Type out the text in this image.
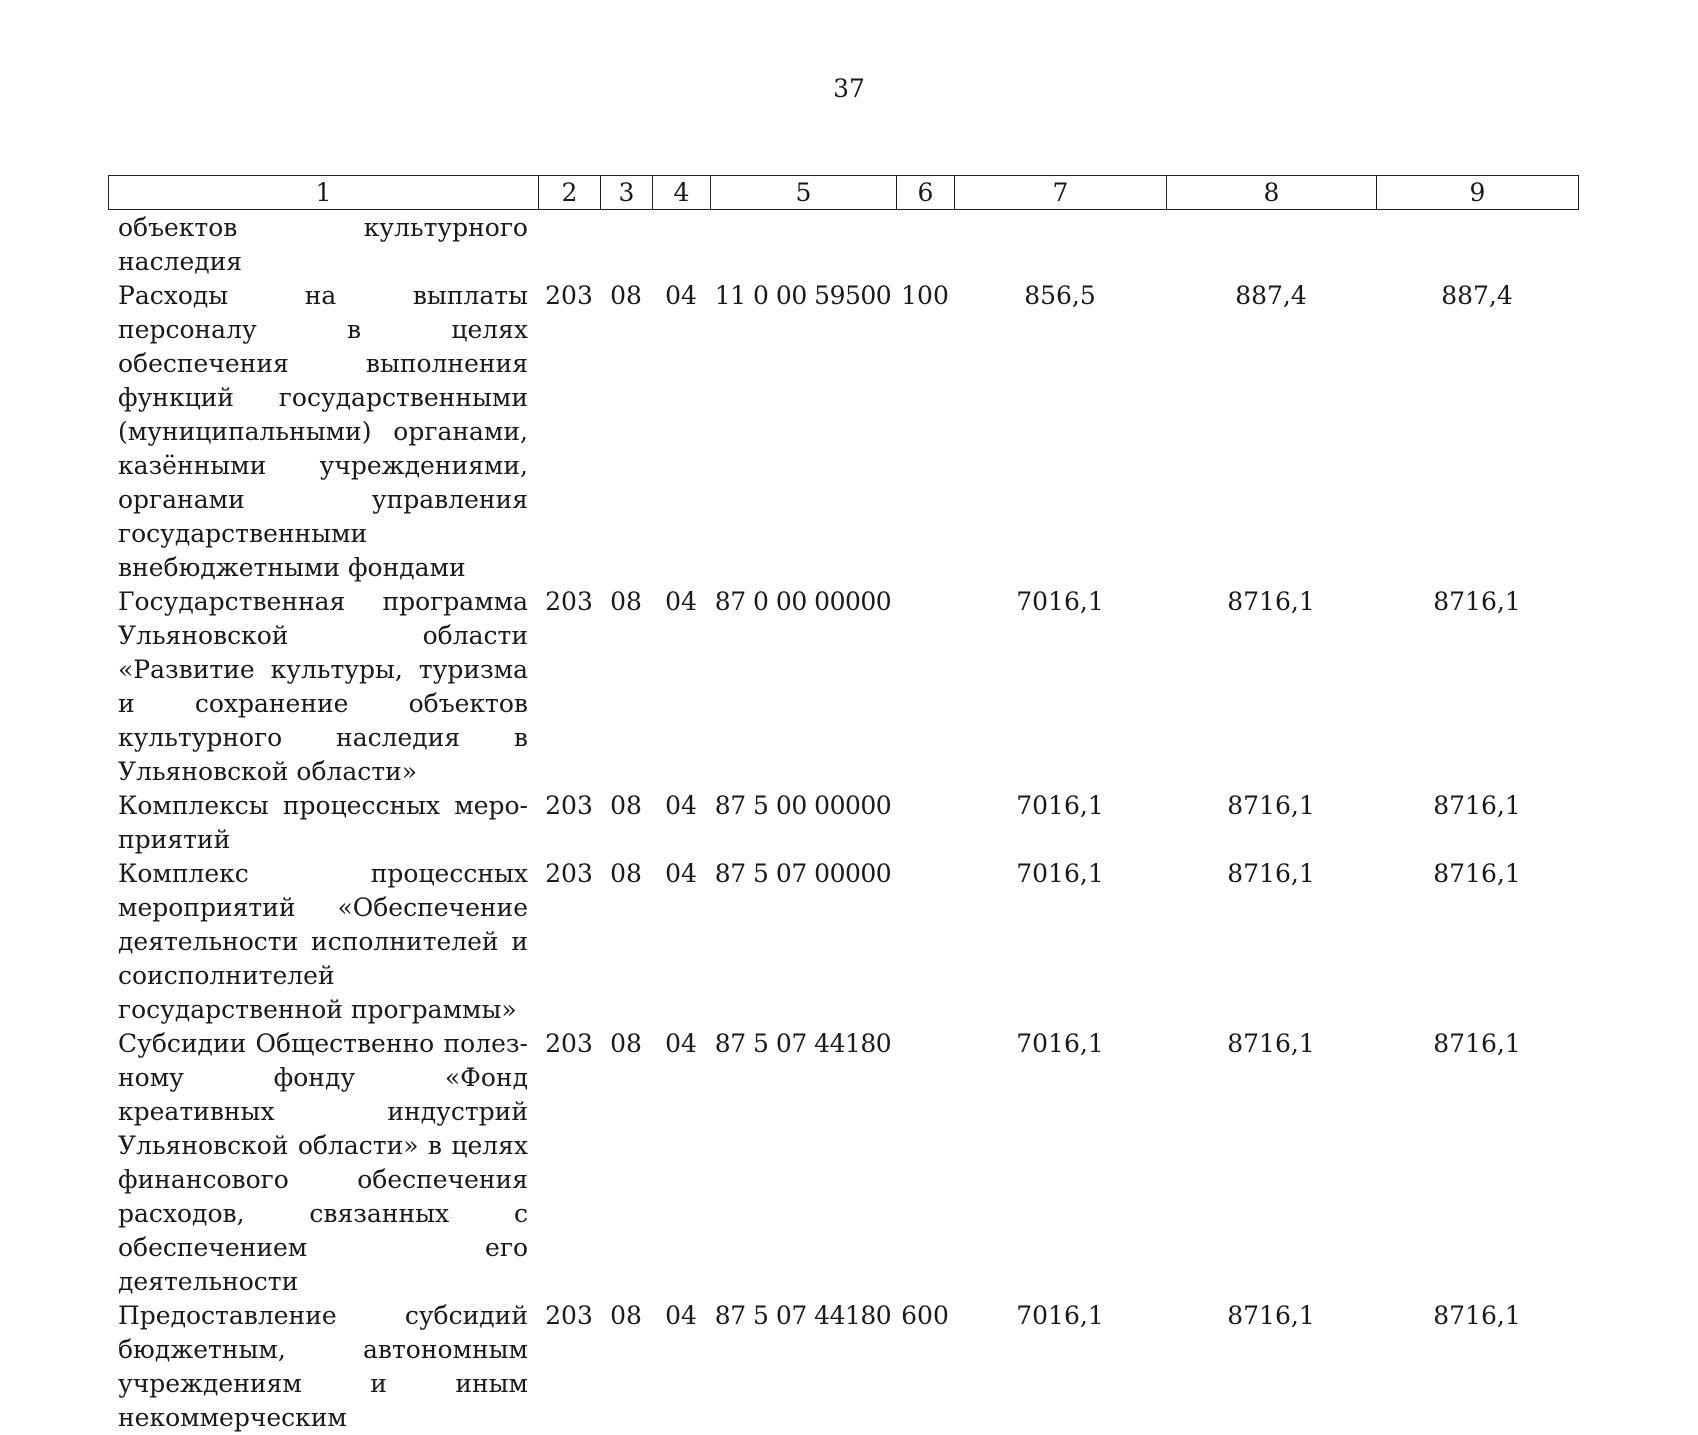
37
1	2	3	4	5	6	7	8	9
объектов культурного наследия								
Расходы на выплаты персоналу в целях обеспечения выполнения функций государственными (муниципальными) органами, казёнными учреждениями, органами управления государственными внебюджетными фондами	203	08	04	11 0 00 59500	100	856,5	887,4	887,4
Государственная программа Ульяновской области «Развитие культуры, туризма и сохранение объектов культурного наследия в Ульяновской области»	203	08	04	87 0 00 00000		7016,1	8716,1	8716,1
Комплексы процессных мероприятий	203	08	04	87 5 00 00000		7016,1	8716,1	8716,1
Комплекс процессных мероприятий «Обеспечение деятельности исполнителей и соисполнителей государственной программы»	203	08	04	87 5 07 00000		7016,1	8716,1	8716,1
Субсидии Общественно полезному фонду «Фонд креативных индустрий Ульяновской области» в целях финансового обеспечения расходов, связанных с обеспечением его деятельности	203	08	04	87 5 07 44180		7016,1	8716,1	8716,1
Предоставление субсидий бюджетным, автономным учреждениям и иным некоммерческим	203	08	04	87 5 07 44180	600	7016,1	8716,1	8716,1
